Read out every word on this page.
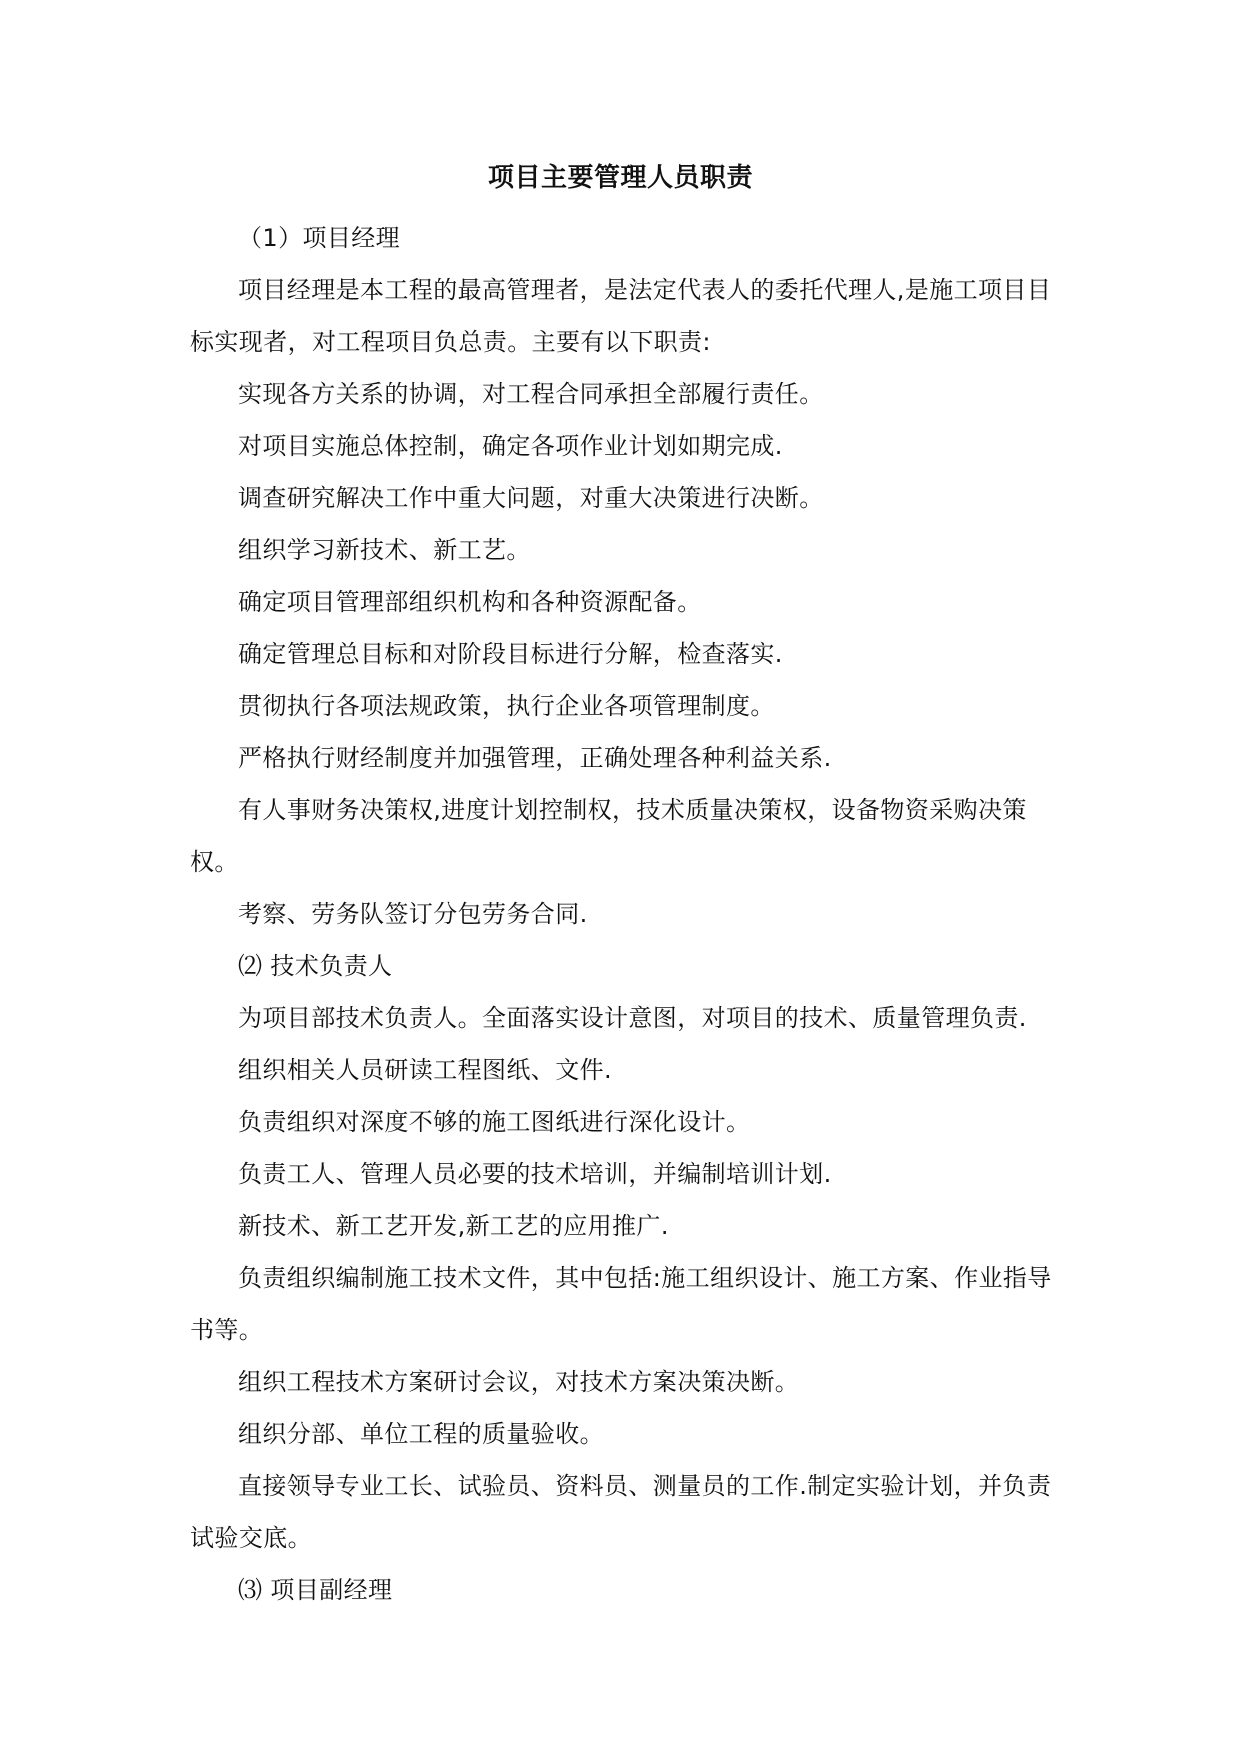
项目主要管理人员职责

（1）项目经理

项目经理是本工程的最高管理者，是法定代表人的委托代理人,是施工项目目标实现者，对工程项目负总责。主要有以下职责:

实现各方关系的协调，对工程合同承担全部履行责任。

对项目实施总体控制，确定各项作业计划如期完成.

调查研究解决工作中重大问题，对重大决策进行决断。

组织学习新技术、新工艺。

确定项目管理部组织机构和各种资源配备。

确定管理总目标和对阶段目标进行分解，检查落实.

贯彻执行各项法规政策，执行企业各项管理制度。

严格执行财经制度并加强管理，正确处理各种利益关系.

有人事财务决策权,进度计划控制权，技术质量决策权，设备物资采购决策权。

考察、劳务队签订分包劳务合同.

⑵ 技术负责人

为项目部技术负责人。全面落实设计意图，对项目的技术、质量管理负责.

组织相关人员研读工程图纸、文件.

负责组织对深度不够的施工图纸进行深化设计。

负责工人、管理人员必要的技术培训，并编制培训计划.

新技术、新工艺开发,新工艺的应用推广.

负责组织编制施工技术文件，其中包括:施工组织设计、施工方案、作业指导书等。

组织工程技术方案研讨会议，对技术方案决策决断。

组织分部、单位工程的质量验收。

直接领导专业工长、试验员、资料员、测量员的工作.制定实验计划，并负责试验交底。

⑶ 项目副经理
